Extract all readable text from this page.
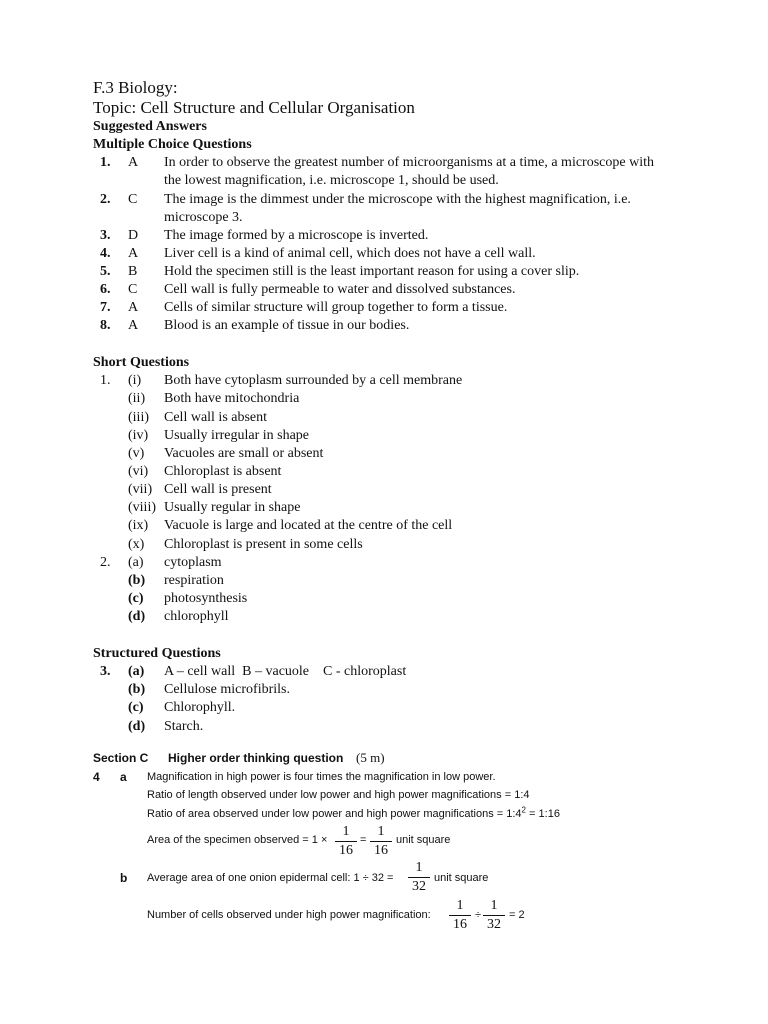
F.3 Biology:
Topic: Cell Structure and Cellular Organisation
Suggested Answers
Multiple Choice Questions
1. A In order to observe the greatest number of microorganisms at a time, a microscope with
the lowest magnification, i.e. microscope 1, should be used.
2. C The image is the dimmest under the microscope with the highest magnification, i.e.
microscope 3.
3. D The image formed by a microscope is inverted.
4. A Liver cell is a kind of animal cell, which does not have a cell wall.
5. B Hold the specimen still is the least important reason for using a cover slip.
6. C Cell wall is fully permeable to water and dissolved substances.
7. A Cells of similar structure will group together to form a tissue.
8. A Blood is an example of tissue in our bodies.
Short Questions
1. (i) Both have cytoplasm surrounded by a cell membrane
(ii) Both have mitochondria
(iii) Cell wall is absent
(iv) Usually irregular in shape
(v) Vacuoles are small or absent
(vi) Chloroplast is absent
(vii) Cell wall is present
(viii) Usually regular in shape
(ix) Vacuole is large and located at the centre of the cell
(x) Chloroplast is present in some cells
2. (a) cytoplasm
(b) respiration
(c) photosynthesis
(d) chlorophyll
Structured Questions
3. (a) A – cell wall  B – vacuole    C - chloroplast
(b) Cellulose microfibrils.
(c) Chlorophyll.
(d) Starch.
Section C Higher order thinking question (5 m)
4 a Magnification in high power is four times the magnification in low power.
Ratio of length observed under low power and high power magnifications = 1:4
Ratio of area observed under low power and high power magnifications = $1:4^2$ = 1:16
Area of the specimen observed = 1 ×
1
16
=
1
16
unit square
b Average area of one onion epidermal cell: 1 ÷ 32 =
1
32
unit square
Number of cells observed under high power magnification:
1
16
÷
1
32
= 2
